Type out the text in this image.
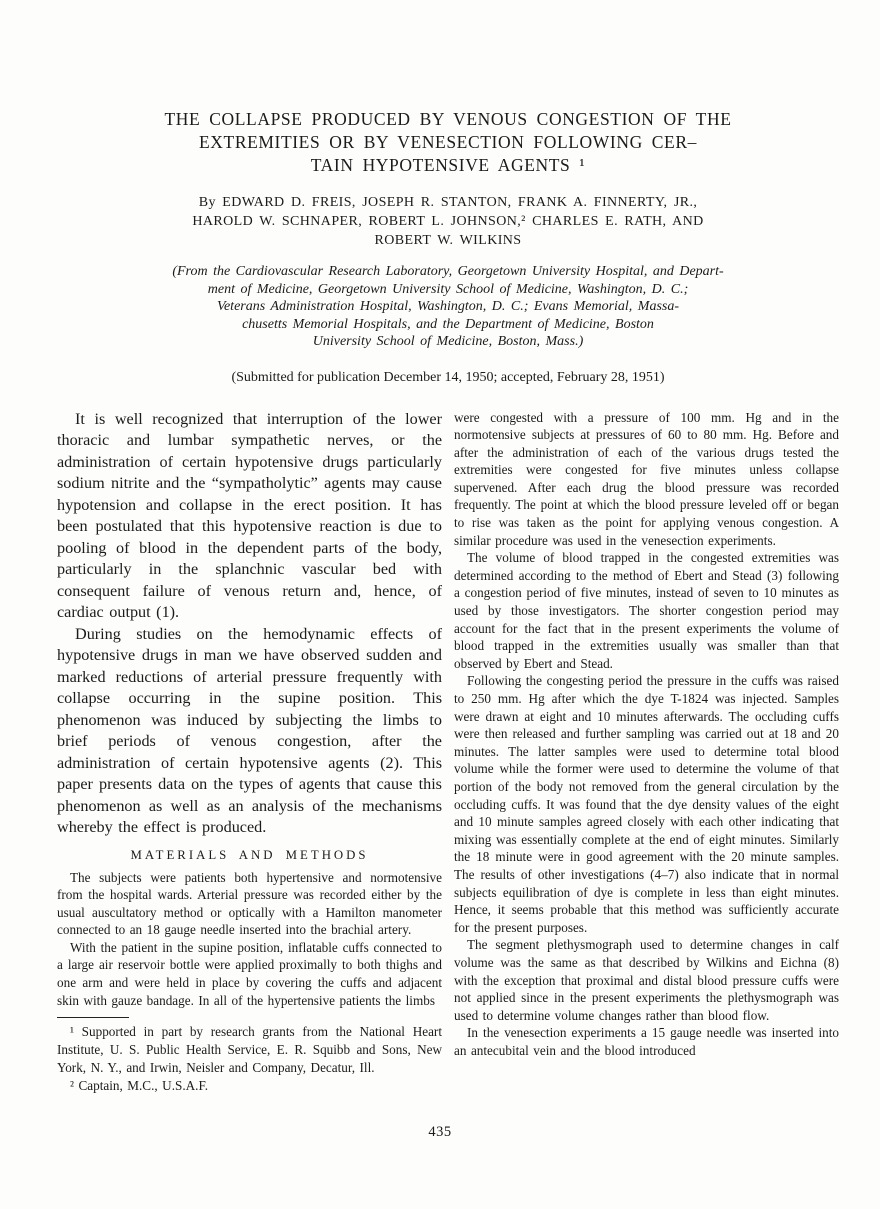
THE COLLAPSE PRODUCED BY VENOUS CONGESTION OF THE
EXTREMITIES OR BY VENESECTION FOLLOWING CER–
TAIN HYPOTENSIVE AGENTS ¹
By EDWARD D. FREIS, JOSEPH R. STANTON, FRANK A. FINNERTY, JR.,
HAROLD W. SCHNAPER, ROBERT L. JOHNSON,² CHARLES E. RATH, AND
ROBERT W. WILKINS
(From the Cardiovascular Research Laboratory, Georgetown University Hospital, and Depart-
ment of Medicine, Georgetown University School of Medicine, Washington, D. C.;
Veterans Administration Hospital, Washington, D. C.; Evans Memorial, Massa-
chusetts Memorial Hospitals, and the Department of Medicine, Boston
University School of Medicine, Boston, Mass.)
(Submitted for publication December 14, 1950; accepted, February 28, 1951)

It is well recognized that interruption of the lower thoracic and lumbar sympathetic nerves, or the administration of certain hypotensive drugs particularly sodium nitrite and the “sympatholytic” agents may cause hypotension and collapse in the erect position. It has been postulated that this hypotensive reaction is due to pooling of blood in the dependent parts of the body, particularly in the splanchnic vascular bed with consequent failure of venous return and, hence, of cardiac output (1).

During studies on the hemodynamic effects of hypotensive drugs in man we have observed sudden and marked reductions of arterial pressure frequently with collapse occurring in the supine position. This phenomenon was induced by subjecting the limbs to brief periods of venous congestion, after the administration of certain hypotensive agents (2). This paper presents data on the types of agents that cause this phenomenon as well as an analysis of the mechanisms whereby the effect is produced.

MATERIALS AND METHODS

The subjects were patients both hypertensive and normotensive from the hospital wards. Arterial pressure was recorded either by the usual auscultatory method or optically with a Hamilton manometer connected to an 18 gauge needle inserted into the brachial artery.

With the patient in the supine position, inflatable cuffs connected to a large air reservoir bottle were applied proximally to both thighs and one arm and were held in place by covering the cuffs and adjacent skin with gauze bandage. In all of the hypertensive patients the limbs

¹ Supported in part by research grants from the National Heart Institute, U. S. Public Health Service, E. R. Squibb and Sons, New York, N. Y., and Irwin, Neisler and Company, Decatur, Ill.

² Captain, M.C., U.S.A.F.

were congested with a pressure of 100 mm. Hg and in the normotensive subjects at pressures of 60 to 80 mm. Hg. Before and after the administration of each of the various drugs tested the extremities were congested for five minutes unless collapse supervened. After each drug the blood pressure was recorded frequently. The point at which the blood pressure leveled off or began to rise was taken as the point for applying venous congestion. A similar procedure was used in the venesection experiments.

The volume of blood trapped in the congested extremities was determined according to the method of Ebert and Stead (3) following a congestion period of five minutes, instead of seven to 10 minutes as used by those investigators. The shorter congestion period may account for the fact that in the present experiments the volume of blood trapped in the extremities usually was smaller than that observed by Ebert and Stead.

Following the congesting period the pressure in the cuffs was raised to 250 mm. Hg after which the dye T-1824 was injected. Samples were drawn at eight and 10 minutes afterwards. The occluding cuffs were then released and further sampling was carried out at 18 and 20 minutes. The latter samples were used to determine total blood volume while the former were used to determine the volume of that portion of the body not removed from the general circulation by the occluding cuffs. It was found that the dye density values of the eight and 10 minute samples agreed closely with each other indicating that mixing was essentially complete at the end of eight minutes. Similarly the 18 minute were in good agreement with the 20 minute samples. The results of other investigations (4–7) also indicate that in normal subjects equilibration of dye is complete in less than eight minutes. Hence, it seems probable that this method was sufficiently accurate for the present purposes.

The segment plethysmograph used to determine changes in calf volume was the same as that described by Wilkins and Eichna (8) with the exception that proximal and distal blood pressure cuffs were not applied since in the present experiments the plethysmograph was used to determine volume changes rather than blood flow.

In the venesection experiments a 15 gauge needle was inserted into an antecubital vein and the blood introduced

435
